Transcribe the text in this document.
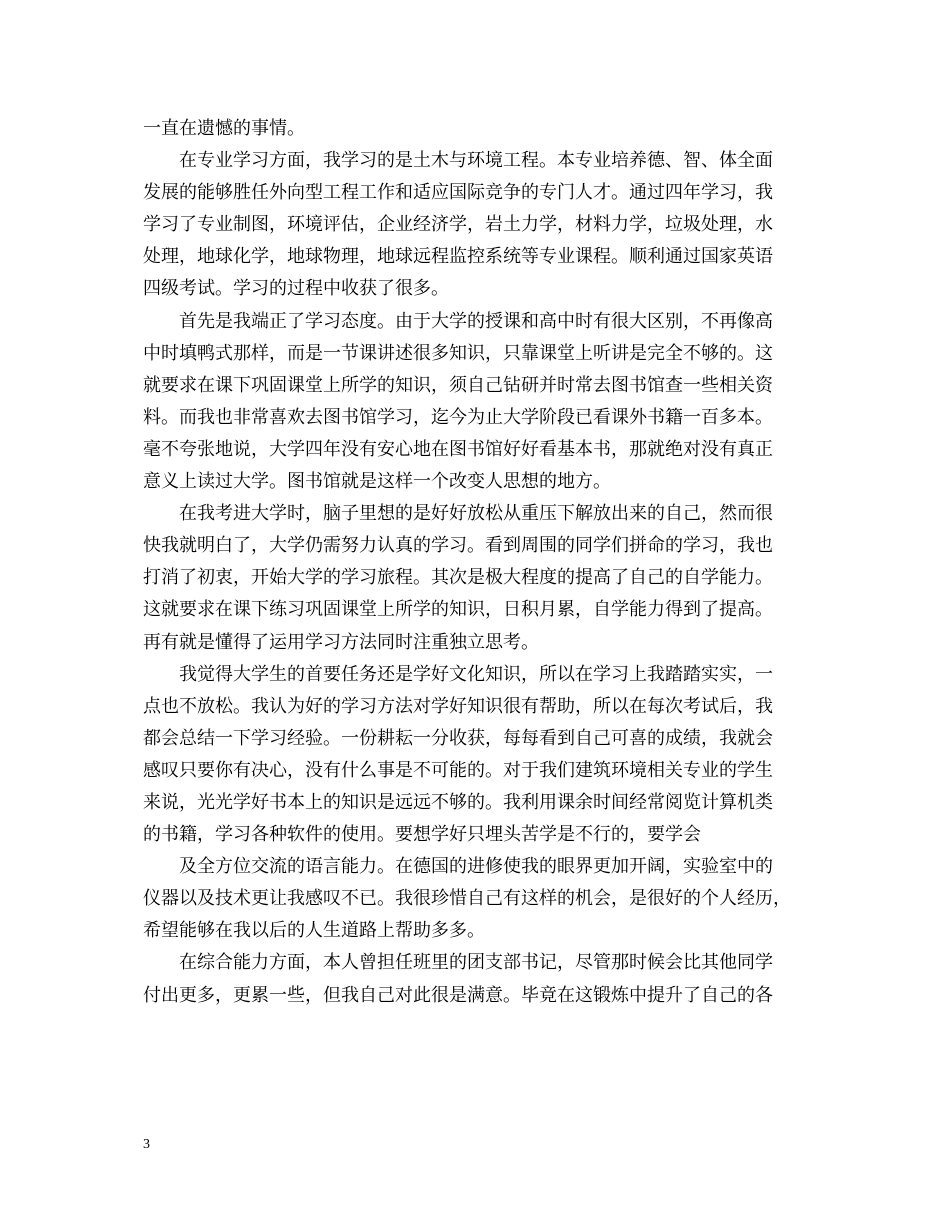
一直在遗憾的事情。
在专业学习方面，我学习的是土木与环境工程。本专业培养德、智、体全面
发展的能够胜任外向型工程工作和适应国际竞争的专门人才。通过四年学习，我
学习了专业制图，环境评估，企业经济学，岩土力学，材料力学，垃圾处理，水
处理，地球化学，地球物理，地球远程监控系统等专业课程。顺利通过国家英语
四级考试。学习的过程中收获了很多。
首先是我端正了学习态度。由于大学的授课和高中时有很大区别，不再像高
中时填鸭式那样，而是一节课讲述很多知识，只靠课堂上听讲是完全不够的。这
就要求在课下巩固课堂上所学的知识，须自己钻研并时常去图书馆查一些相关资
料。而我也非常喜欢去图书馆学习，迄今为止大学阶段已看课外书籍一百多本。
毫不夸张地说，大学四年没有安心地在图书馆好好看基本书，那就绝对没有真正
意义上读过大学。图书馆就是这样一个改变人思想的地方。
在我考进大学时，脑子里想的是好好放松从重压下解放出来的自己，然而很
快我就明白了，大学仍需努力认真的学习。看到周围的同学们拼命的学习，我也
打消了初衷，开始大学的学习旅程。其次是极大程度的提高了自己的自学能力。
这就要求在课下练习巩固课堂上所学的知识，日积月累，自学能力得到了提高。
再有就是懂得了运用学习方法同时注重独立思考。
我觉得大学生的首要任务还是学好文化知识，所以在学习上我踏踏实实，一
点也不放松。我认为好的学习方法对学好知识很有帮助，所以在每次考试后，我
都会总结一下学习经验。一份耕耘一分收获，每每看到自己可喜的成绩，我就会
感叹只要你有决心，没有什么事是不可能的。对于我们建筑环境相关专业的学生
来说，光光学好书本上的知识是远远不够的。我利用课余时间经常阅览计算机类
的书籍，学习各种软件的使用。要想学好只埋头苦学是不行的，要学会
及全方位交流的语言能力。在德国的进修使我的眼界更加开阔，实验室中的
仪器以及技术更让我感叹不已。我很珍惜自己有这样的机会，是很好的个人经历，
希望能够在我以后的人生道路上帮助多多。
在综合能力方面，本人曾担任班里的团支部书记，尽管那时候会比其他同学
付出更多，更累一些，但我自己对此很是满意。毕竟在这锻炼中提升了自己的各
3
